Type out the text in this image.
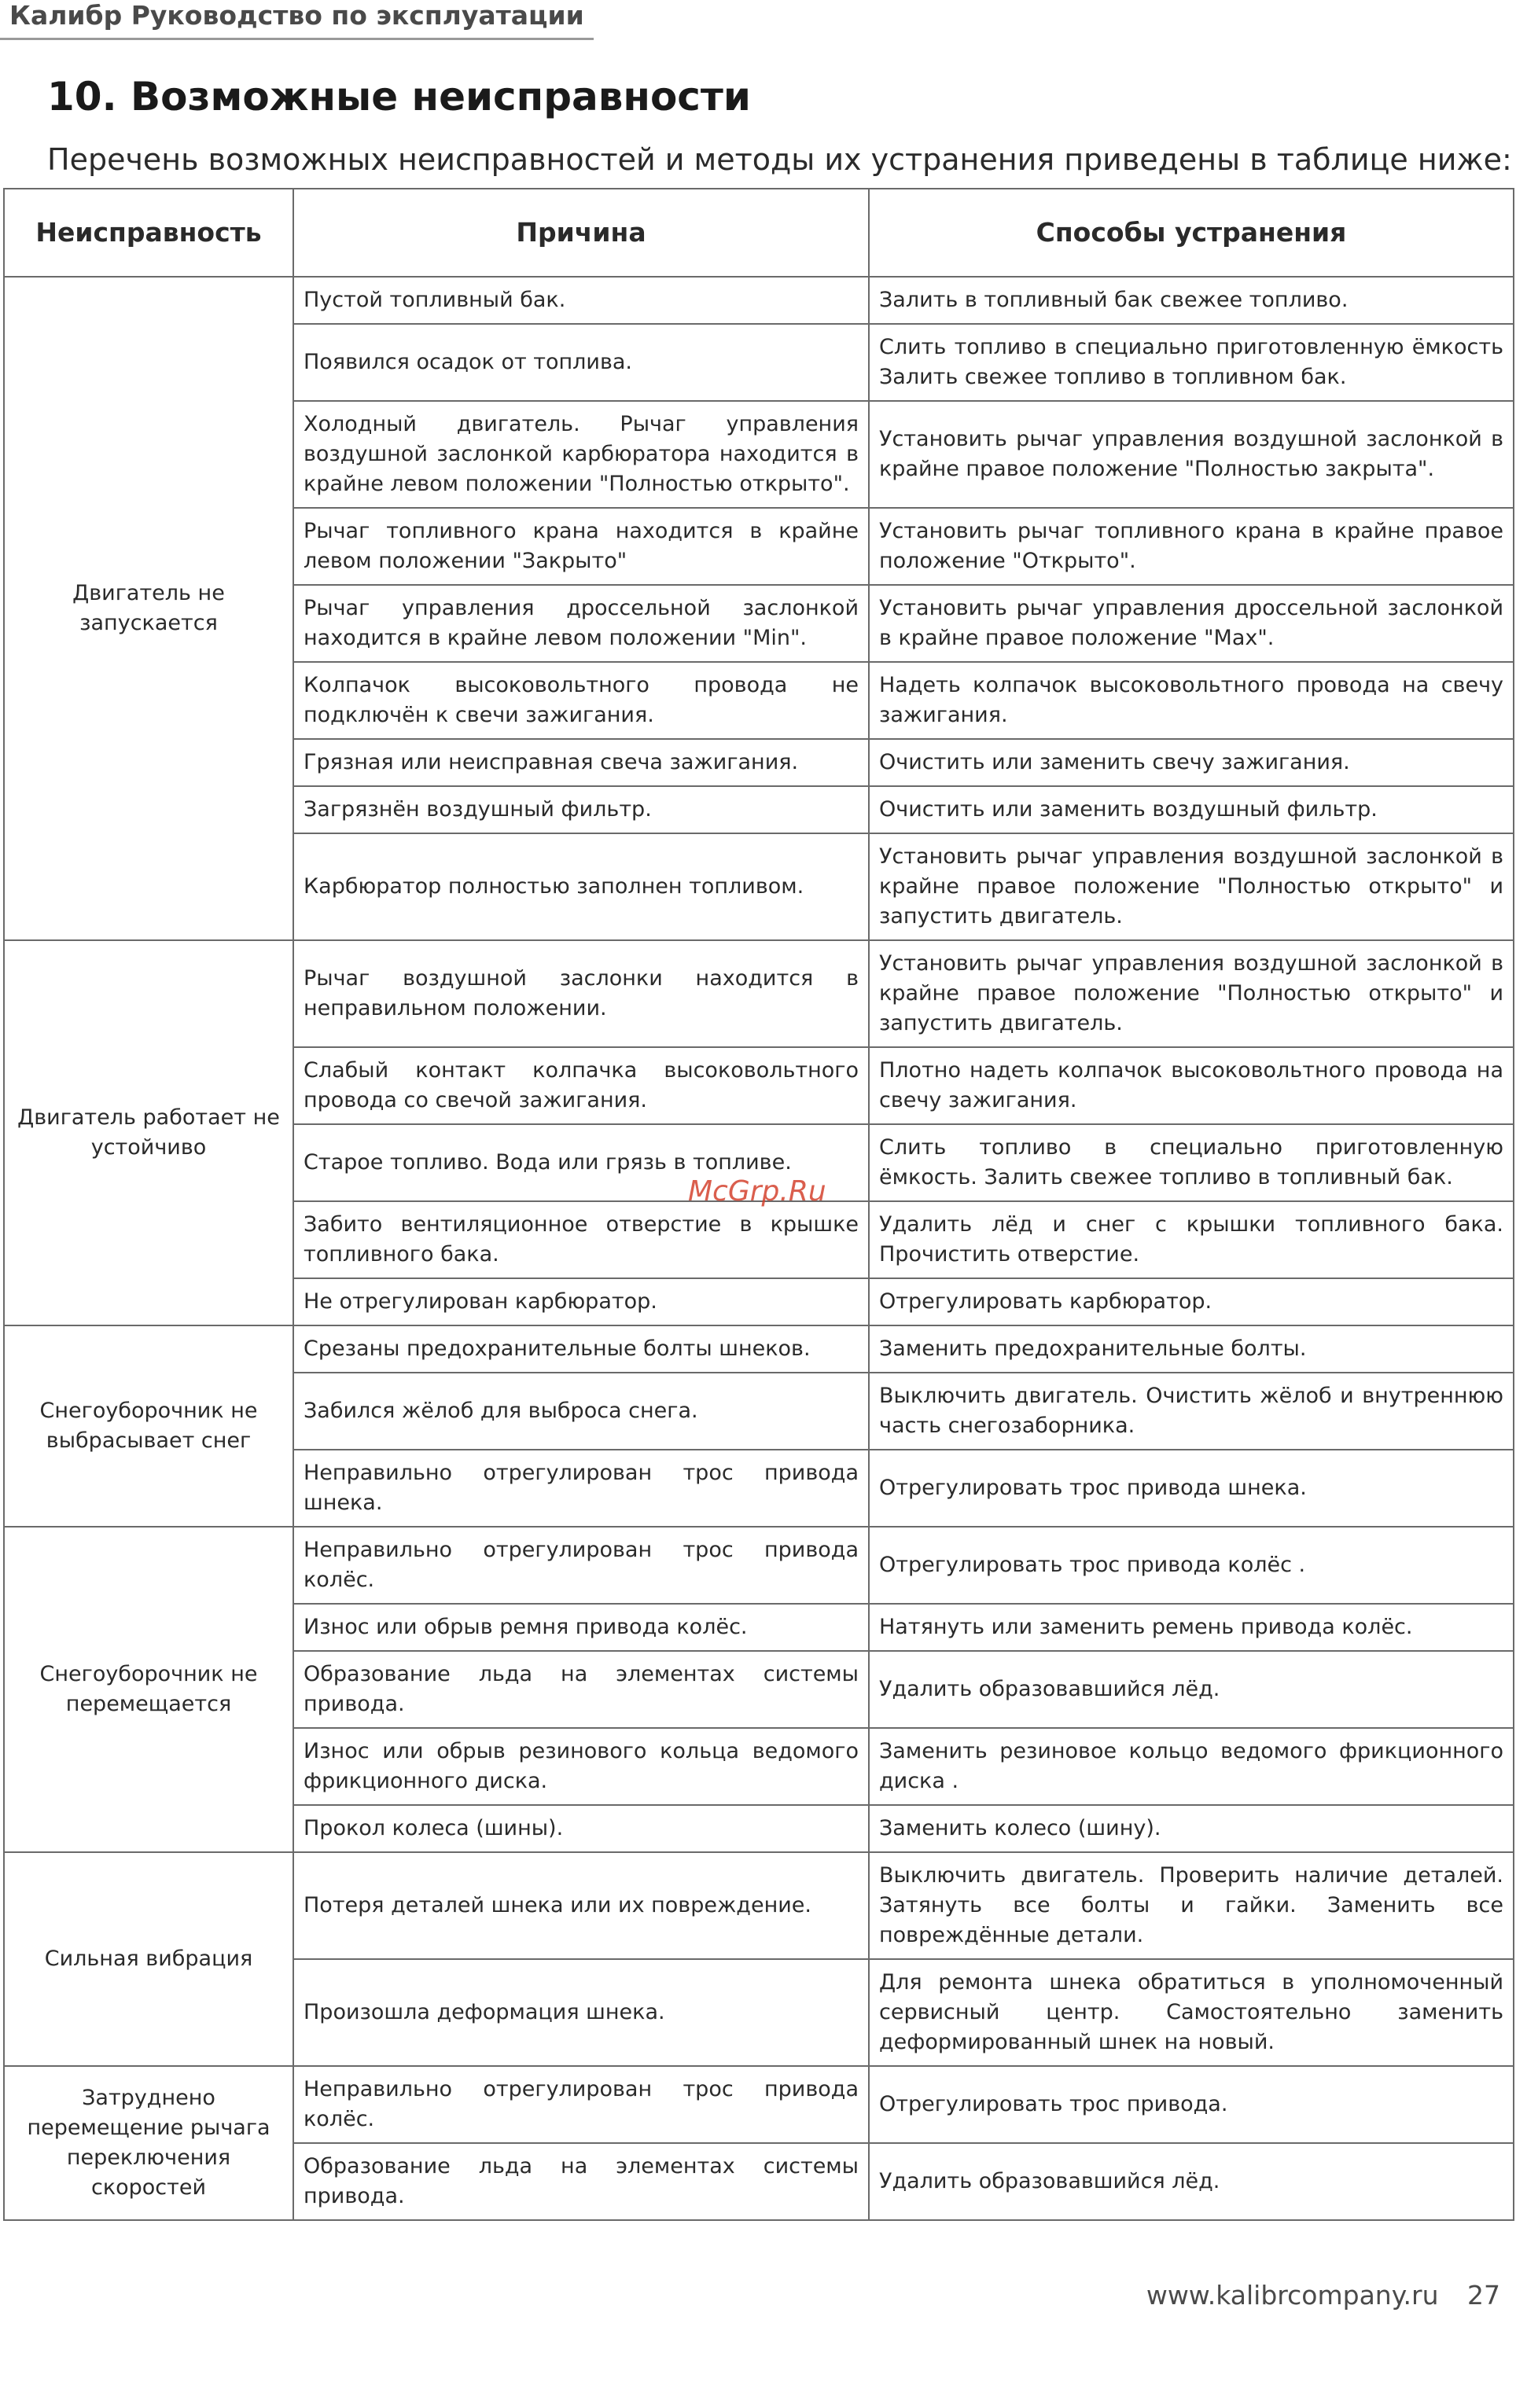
Калибр Руководство по эксплуатации
10. Возможные неисправности

Перечень возможных неисправностей и методы их устранения приведены в таблице ниже:

Неисправность	Причина	Способы устранения
Двигатель не запускается	Пустой топливный бак.	Залить в топливный бак свежее топливо.
	Появился осадок от топлива.	Слить топливо в специально приготовленную ёмкость Залить свежее топливо в топливном бак.
	Холодный двигатель. Рычаг управления воздушной заслонкой карбюратора находится в крайне левом положении "Полностью открыто".	Установить рычаг управления воздушной заслонкой в крайне правое положение "Полностью закрыта".
	Рычаг топливного крана находится в крайне левом положении "Закрыто"	Установить рычаг топливного крана в крайне правое положение "Открыто".
	Рычаг управления дроссельной заслонкой находится в крайне левом положении "Min".	Установить рычаг управления дроссельной заслонкой в крайне правое положение "Max".
	Колпачок высоковольтного провода не подключён к свечи зажигания.	Надеть колпачок высоковольтного провода на свечу зажигания.
	Грязная или неисправная свеча зажигания.	Очистить или заменить свечу зажигания.
	Загрязнён воздушный фильтр.	Очистить или заменить воздушный фильтр.
	Карбюратор полностью заполнен топливом.	Установить рычаг управления воздушной заслонкой в крайне правое положение "Полностью открыто" и запустить двигатель.
Двигатель работает не устойчиво	Рычаг воздушной заслонки находится в неправильном положении.	Установить рычаг управления воздушной заслонкой в крайне правое положение "Полностью открыто" и запустить двигатель.
	Слабый контакт колпачка высоковольтного провода со свечой зажигания.	Плотно надеть колпачок высоковольтного провода на свечу зажигания.
	Старое топливо. Вода или грязь в топливе.	Слить топливо в специально приготовленную ёмкость. Залить свежее топливо в топливный бак.
	Забито вентиляционное отверстие в крышке топливного бака.	Удалить лёд и снег с крышки топливного бака. Прочистить отверстие.
	Не отрегулирован карбюратор.	Отрегулировать карбюратор.
Снегоуборочник не выбрасывает снег	Срезаны предохранительные болты шнеков.	Заменить предохранительные болты.
	Забился жёлоб для выброса снега.	Выключить двигатель. Очистить жёлоб и внутреннюю часть снегозаборника.
	Неправильно отрегулирован трос привода шнека.	Отрегулировать трос привода шнека.
Снегоуборочник не перемещается	Неправильно отрегулирован трос привода колёс.	Отрегулировать трос привода колёс .
	Износ или обрыв ремня привода колёс.	Натянуть или заменить ремень привода колёс.
	Образование льда на элементах системы привода.	Удалить образовавшийся лёд.
	Износ или обрыв резинового кольца ведомого фрикционного диска.	Заменить резиновое кольцо ведомого фрикционного диска .
	Прокол колеса (шины).	Заменить колесо (шину).
Сильная вибрация	Потеря деталей шнека или их повреждение.	Выключить двигатель. Проверить наличие деталей. Затянуть все болты и гайки. Заменить все повреждённые детали.
	Произошла деформация шнека.	Для ремонта шнека обратиться в уполномоченный сервисный центр. Самостоятельно заменить деформированный шнек на новый.
Затруднено перемещение рычага переключения скоростей	Неправильно отрегулирован трос привода колёс.	Отрегулировать трос привода.
	Образование льда на элементах системы привода.	Удалить образовавшийся лёд.
McGrp.Ru
www.kalibrcompany.ru 27
